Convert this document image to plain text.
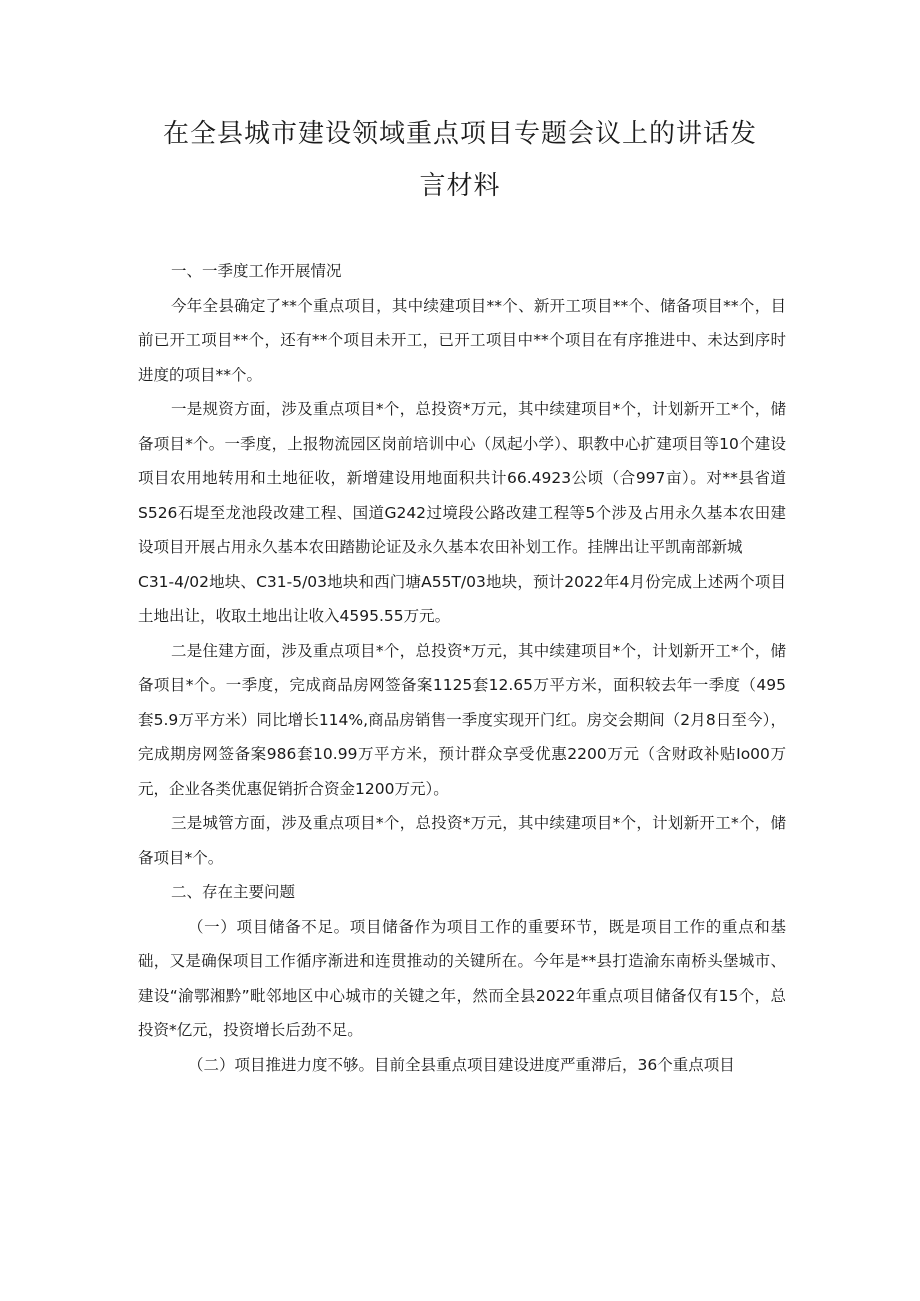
在全县城市建设领域重点项目专题会议上的讲话发
言材料

一、一季度工作开展情况

今年全县确定了**个重点项目，其中续建项目**个、新开工项目**个、储备项目**个，目前已开工项目**个，还有**个项目未开工，已开工项目中**个项目在有序推进中、未达到序时进度的项目**个。

一是规资方面，涉及重点项目*个，总投资*万元，其中续建项目*个，计划新开工*个，储备项目*个。一季度，上报物流园区岗前培训中心（凤起小学）、职教中心扩建项目等10个建设项目农用地转用和土地征收，新增建设用地面积共计66.4923公顷（合997亩）。对**县省道S526石堤至龙池段改建工程、国道G242过境段公路改建工程等5个涉及占用永久基本农田建设项目开展占用永久基本农田踏勘论证及永久基本农田补划工作。挂牌出让平凯南部新城

C31-4/02地块、C31-5/03地块和西门塘A55T/03地块，预计2022年4月份完成上述两个项目土地出让，收取土地出让收入4595.55万元。

二是住建方面，涉及重点项目*个，总投资*万元，其中续建项目*个，计划新开工*个，储备项目*个。一季度，完成商品房网签备案1125套12.65万平方米，面积较去年一季度（495套5.9万平方米）同比增长114%,商品房销售一季度实现开门红。房交会期间（2月8日至今），完成期房网签备案986套10.99万平方米，预计群众享受优惠2200万元（含财政补贴Io00万元，企业各类优惠促销折合资金1200万元）。

三是城管方面，涉及重点项目*个，总投资*万元，其中续建项目*个，计划新开工*个，储备项目*个。

二、存在主要问题

（一）项目储备不足。项目储备作为项目工作的重要环节，既是项目工作的重点和基础，又是确保项目工作循序渐进和连贯推动的关键所在。今年是**县打造渝东南桥头堡城市、建设“渝鄂湘黔”毗邻地区中心城市的关键之年，然而全县2022年重点项目储备仅有15个，总投资*亿元，投资增长后劲不足。

（二）项目推进力度不够。目前全县重点项目建设进度严重滞后，36个重点项目
